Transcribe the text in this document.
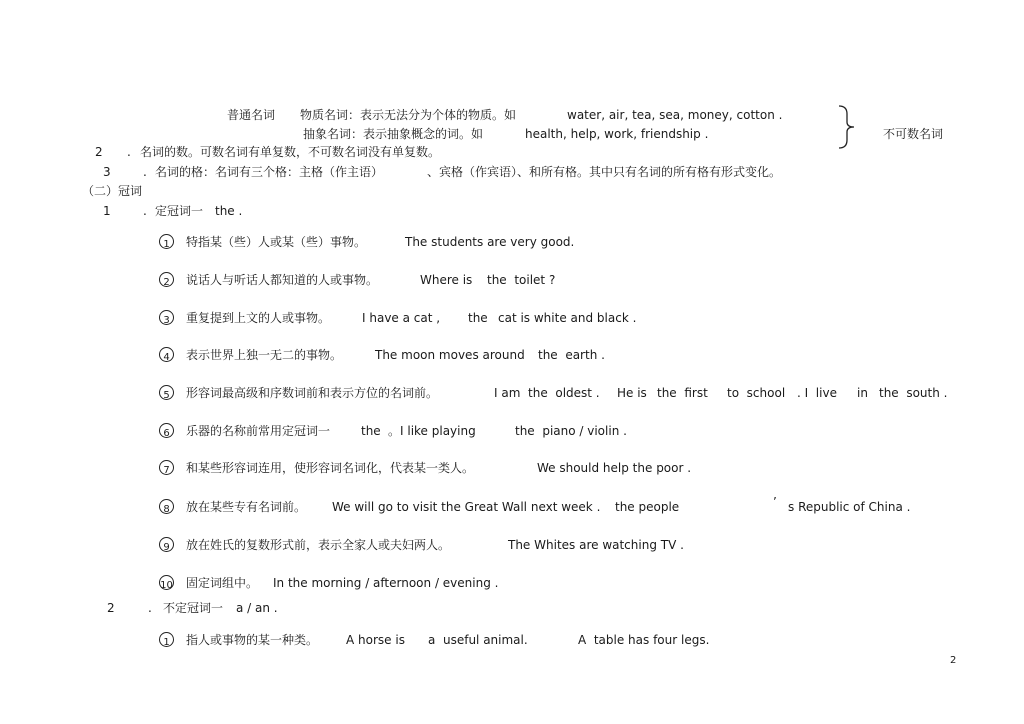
普通名词 物质名词：表示无法分为个体的物质。如	water, air, tea, sea, money, cotton .
抽象名词：表示抽象概念的词。如	health, help, work, friendship .	不可数名词
2 . 名词的数。可数名词有单复数，不可数名词没有单复数。
3	. 名词的格：名词有三个格：主格（作主语）	、宾格（作宾语）、和所有格。其中只有名词的所有格有形式变化。
（二）冠词
1	. 定冠词一 the .
1	特指某（些）人或某（些）事物。	The students are very good.
2	说话人与听话人都知道的人或事物。	Where is the  toilet ?
3	重复提到上文的人或事物。	I have a cat , the cat is white and black .
4	表示世界上独一无二的事物。	The moon moves around the  earth .
5	形容词最高级和序数词前和表示方位的名词前。	I am  the  oldest . He is the  first to  school . I  live in the  south .
6	乐器的名称前常用定冠词一	the 。I like playing	the  piano / violin .
7	和某些形容词连用，使形容词名词化，代表某一类人。	We should help the poor .
8	放在某些专有名词前。 We will go to visit the Great Wall next week . the people	’ s Republic of China .
9	放在姓氏的复数形式前，表示全家人或夫妇两人。	The Whites are watching TV .
10 固定词组中。 In the morning / afternoon / evening .
2	. 不定冠词一 a / an .
1	指人或事物的某一种类。 A horse is a  useful animal.	A  table has four legs.
2
